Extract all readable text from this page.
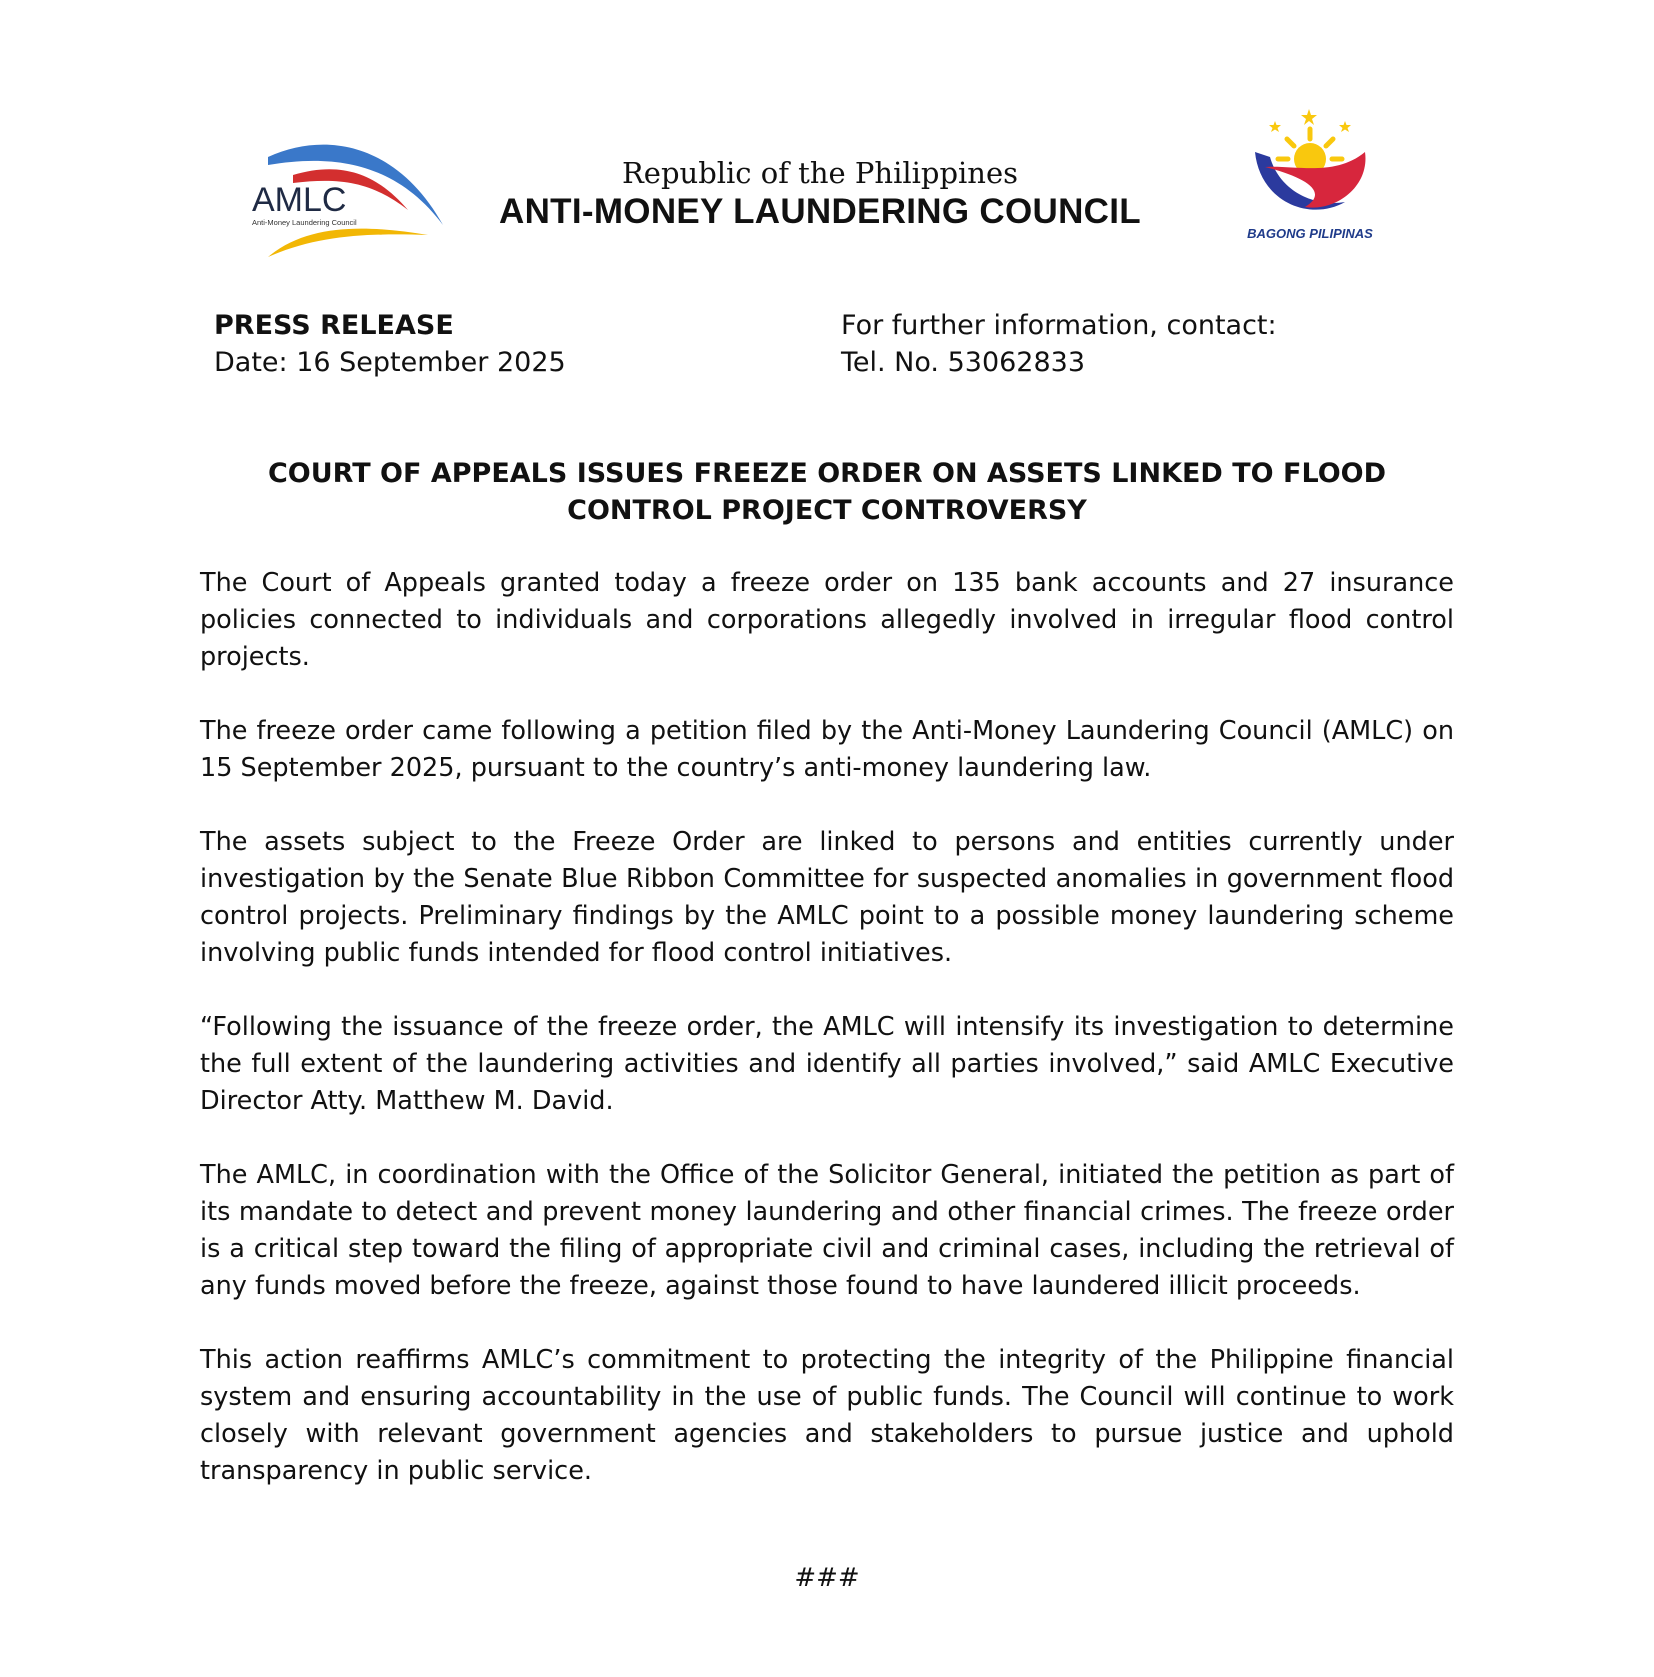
AMLC
Anti-Money Laundering Council
Republic of the Philippines
ANTI-MONEY LAUNDERING COUNCIL
BAGONG PILIPINAS
PRESS RELEASE
Date: 16 September 2025
For further information, contact:
Tel. No. 53062833
COURT OF APPEALS ISSUES FREEZE ORDER ON ASSETS LINKED TO FLOOD
CONTROL PROJECT CONTROVERSY

The Court of Appeals granted today a freeze order on 135 bank accounts and 27 insurance policies connected to individuals and corporations allegedly involved in irregular flood control projects.

The freeze order came following a petition filed by the Anti-Money Laundering Council (AMLC) on 15 September 2025, pursuant to the country’s anti-money laundering law.

The assets subject to the Freeze Order are linked to persons and entities currently under investigation by the Senate Blue Ribbon Committee for suspected anomalies in government flood control projects. Preliminary findings by the AMLC point to a possible money laundering scheme involving public funds intended for flood control initiatives.

“Following the issuance of the freeze order, the AMLC will intensify its investigation to determine the full extent of the laundering activities and identify all parties involved,” said AMLC Executive Director Atty. Matthew M. David.

The AMLC, in coordination with the Office of the Solicitor General, initiated the petition as part of its mandate to detect and prevent money laundering and other financial crimes. The freeze order is a critical step toward the filing of appropriate civil and criminal cases, including the retrieval of any funds moved before the freeze, against those found to have laundered illicit proceeds.

This action reaffirms AMLC’s commitment to protecting the integrity of the Philippine financial system and ensuring accountability in the use of public funds. The Council will continue to work closely with relevant government agencies and stakeholders to pursue justice and uphold transparency in public service.

###
